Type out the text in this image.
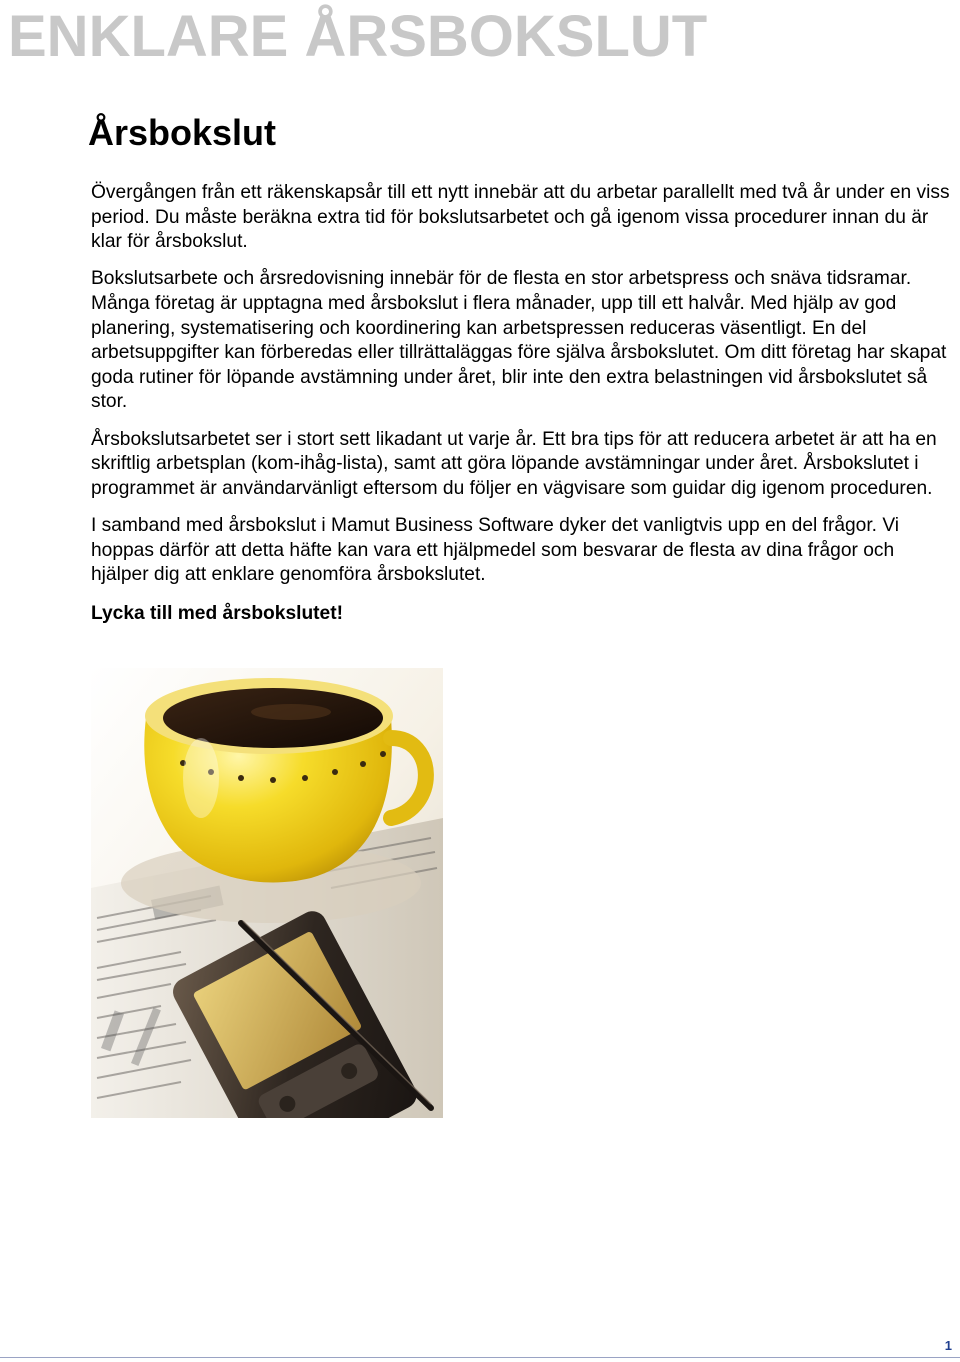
ENKLARE ÅRSBOKSLUT
Årsbokslut

Övergången från ett räkenskapsår till ett nytt innebär att du arbetar parallellt med två år under en viss period. Du måste beräkna extra tid för bokslutsarbetet och gå igenom vissa procedurer innan du är klar för årsbokslut.

Bokslutsarbete och årsredovisning innebär för de flesta en stor arbetspress och snäva tidsramar. Många företag är upptagna med årsbokslut i flera månader, upp till ett halvår. Med hjälp av god planering, systematisering och koordinering kan arbetspressen reduceras väsentligt. En del arbetsuppgifter kan förberedas eller tillrättaläggas före själva årsbokslutet. Om ditt företag har skapat goda rutiner för löpande avstämning under året, blir inte den extra belastningen vid årsbokslutet så stor.

Årsbokslutsarbetet ser i stort sett likadant ut varje år. Ett bra tips för att reducera arbetet är att ha en skriftlig arbetsplan (kom-ihåg-lista), samt att göra löpande avstämningar under året. Årsbokslutet i programmet är användarvänligt eftersom du följer en vägvisare som guidar dig igenom proceduren.

I samband med årsbokslut i Mamut Business Software dyker det vanligtvis upp en del frågor. Vi hoppas därför att detta häfte kan vara ett hjälpmedel som besvarar de flesta av dina frågor och hjälper dig att enklare genomföra årsbokslutet.

Lycka till med årsbokslutet!

1
